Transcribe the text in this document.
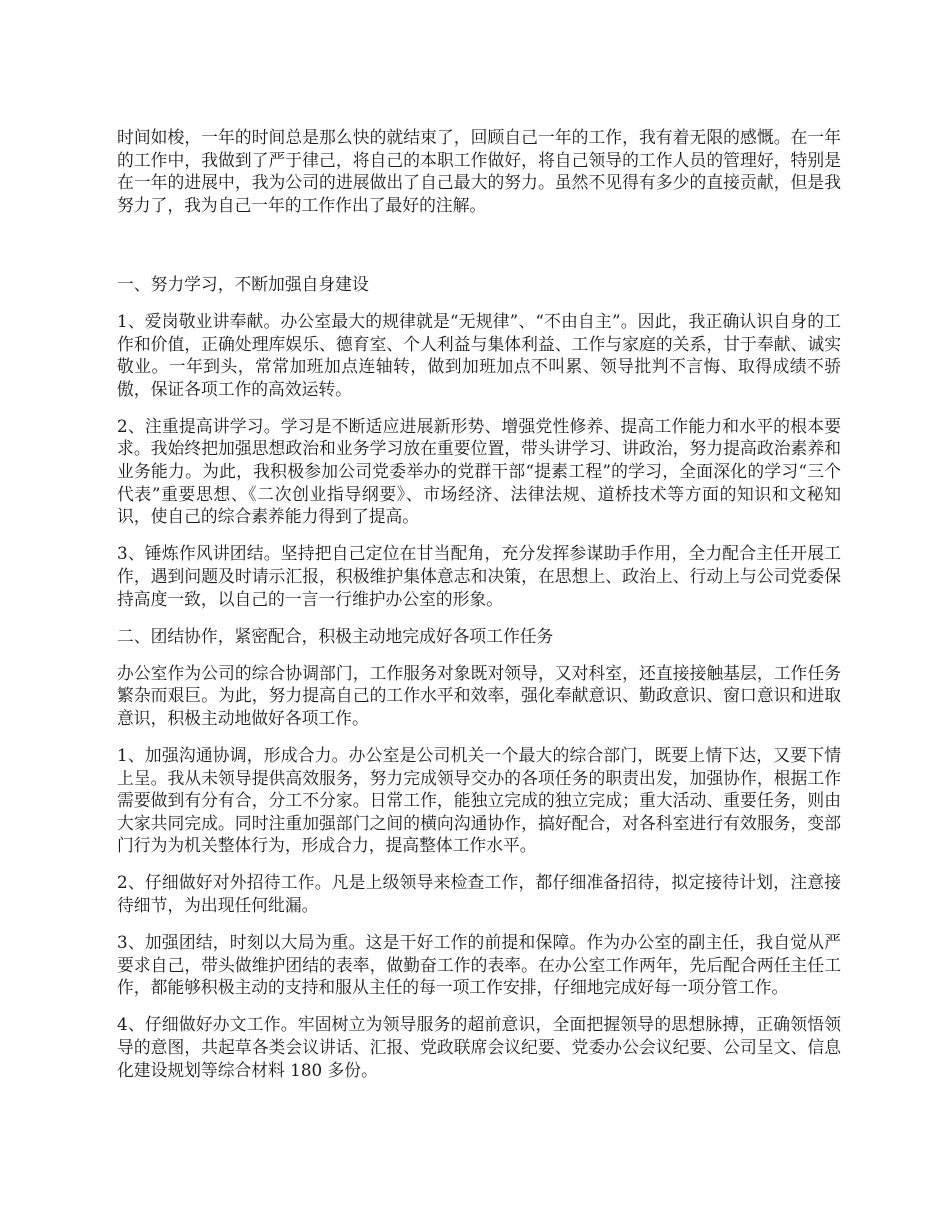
时间如梭，一年的时间总是那么快的就结束了，回顾自己一年的工作，我有着无限的感慨。在一年的工作中，我做到了严于律己，将自己的本职工作做好，将自己领导的工作人员的管理好，特别是在一年的进展中，我为公司的进展做出了自己最大的努力。虽然不见得有多少的直接贡献，但是我努力了，我为自己一年的工作作出了最好的注解。

一、努力学习，不断加强自身建设

1、爱岗敬业讲奉献。办公室最大的规律就是“无规律”、“不由自主”。因此，我正确认识自身的工作和价值，正确处理库娱乐、德育室、个人利益与集体利益、工作与家庭的关系，甘于奉献、诚实敬业。一年到头，常常加班加点连轴转，做到加班加点不叫累、领导批判不言悔、取得成绩不骄傲，保证各项工作的高效运转。

2、注重提高讲学习。学习是不断适应进展新形势、增强党性修养、提高工作能力和水平的根本要求。我始终把加强思想政治和业务学习放在重要位置，带头讲学习、讲政治，努力提高政治素养和业务能力。为此，我积极参加公司党委举办的党群干部“提素工程”的学习，全面深化的学习“三个代表”重要思想、《二次创业指导纲要》、市场经济、法律法规、道桥技术等方面的知识和文秘知识，使自己的综合素养能力得到了提高。

3、锤炼作风讲团结。坚持把自己定位在甘当配角，充分发挥参谋助手作用，全力配合主任开展工作，遇到问题及时请示汇报，积极维护集体意志和决策，在思想上、政治上、行动上与公司党委保持高度一致，以自己的一言一行维护办公室的形象。

二、团结协作，紧密配合，积极主动地完成好各项工作任务

办公室作为公司的综合协调部门，工作服务对象既对领导，又对科室，还直接接触基层，工作任务繁杂而艰巨。为此，努力提高自己的工作水平和效率，强化奉献意识、勤政意识、窗口意识和进取意识，积极主动地做好各项工作。

1、加强沟通协调，形成合力。办公室是公司机关一个最大的综合部门，既要上情下达，又要下情上呈。我从未领导提供高效服务，努力完成领导交办的各项任务的职责出发，加强协作，根据工作需要做到有分有合，分工不分家。日常工作，能独立完成的独立完成；重大活动、重要任务，则由大家共同完成。同时注重加强部门之间的横向沟通协作，搞好配合，对各科室进行有效服务，变部门行为为机关整体行为，形成合力，提高整体工作水平。

2、仔细做好对外招待工作。凡是上级领导来检查工作，都仔细准备招待，拟定接待计划，注意接待细节，为出现任何纰漏。

3、加强团结，时刻以大局为重。这是干好工作的前提和保障。作为办公室的副主任，我自觉从严要求自己，带头做维护团结的表率，做勤奋工作的表率。在办公室工作两年，先后配合两任主任工作，都能够积极主动的支持和服从主任的每一项工作安排，仔细地完成好每一项分管工作。

4、仔细做好办文工作。牢固树立为领导服务的超前意识，全面把握领导的思想脉搏，正确领悟领导的意图，共起草各类会议讲话、汇报、党政联席会议纪要、党委办公会议纪要、公司呈文、信息化建设规划等综合材料 180 多份。
